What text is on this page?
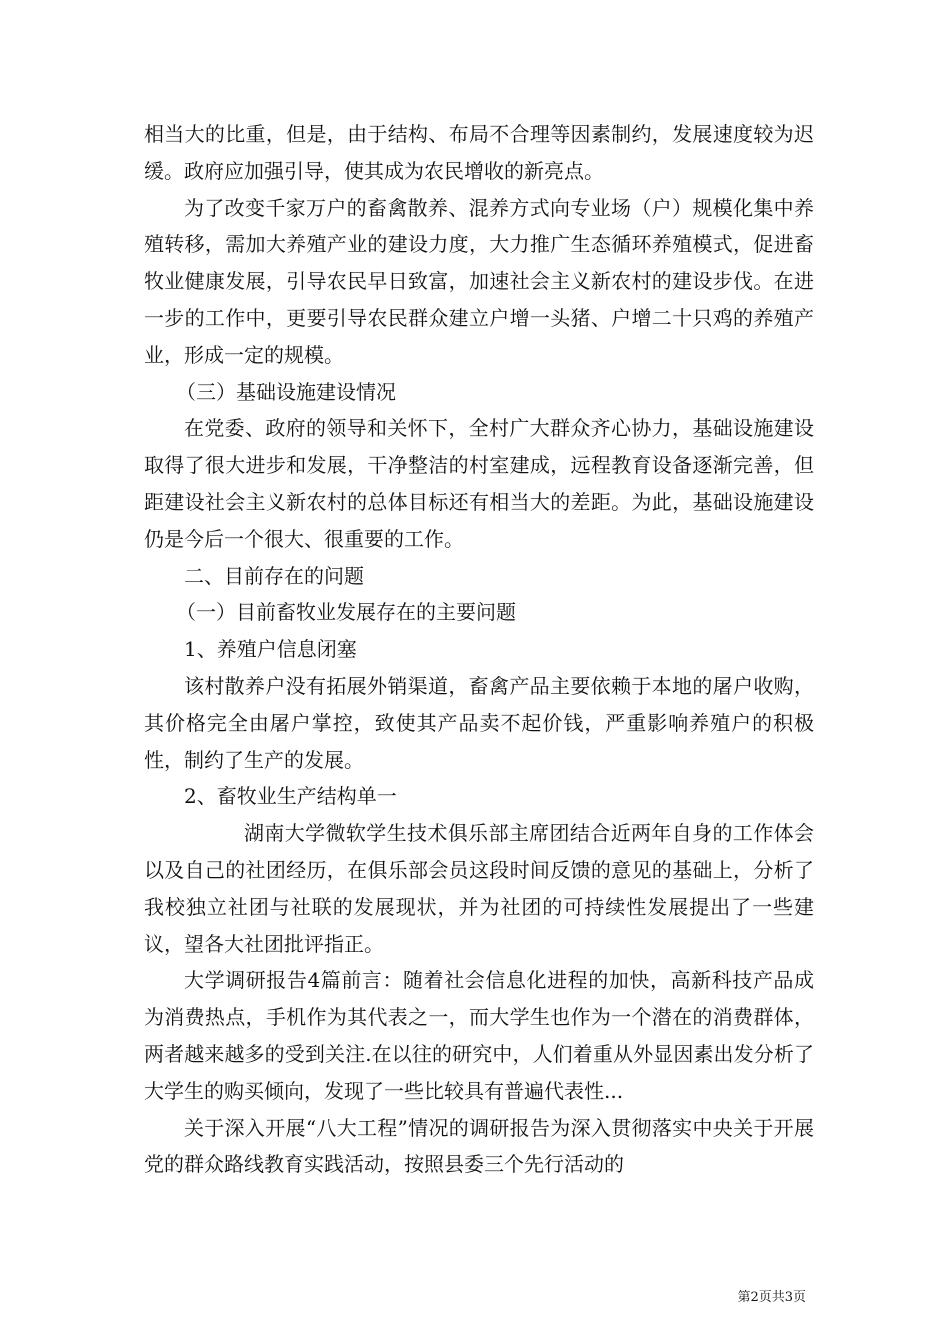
相当大的比重，但是，由于结构、布局不合理等因素制约，发展速度较为迟缓。政府应加强引导，使其成为农民增收的新亮点。

为了改变千家万户的畜禽散养、混养方式向专业场（户）规模化集中养殖转移，需加大养殖产业的建设力度，大力推广生态循环养殖模式，促进畜牧业健康发展，引导农民早日致富，加速社会主义新农村的建设步伐。在进一步的工作中，更要引导农民群众建立户增一头猪、户增二十只鸡的养殖产业，形成一定的规模。

（三）基础设施建设情况

在党委、政府的领导和关怀下，全村广大群众齐心协力，基础设施建设取得了很大进步和发展，干净整洁的村室建成，远程教育设备逐渐完善，但距建设社会主义新农村的总体目标还有相当大的差距。为此，基础设施建设仍是今后一个很大、很重要的工作。

二、目前存在的问题

（一）目前畜牧业发展存在的主要问题

1、养殖户信息闭塞

该村散养户没有拓展外销渠道，畜禽产品主要依赖于本地的屠户收购，其价格完全由屠户掌控，致使其产品卖不起价钱，严重影响养殖户的积极性，制约了生产的发展。

2、畜牧业生产结构单一

湖南大学微软学生技术俱乐部主席团结合近两年自身的工作体会以及自己的社团经历，在俱乐部会员这段时间反馈的意见的基础上，分析了我校独立社团与社联的发展现状，并为社团的可持续性发展提出了一些建议，望各大社团批评指正。

大学调研报告4篇前言：随着社会信息化进程的加快，高新科技产品成为消费热点，手机作为其代表之一，而大学生也作为一个潜在的消费群体，两者越来越多的受到关注.在以往的研究中，人们着重从外显因素出发分析了大学生的购买倾向，发现了一些比较具有普遍代表性...

关于深入开展“八大工程”情况的调研报告为深入贯彻落实中央关于开展党的群众路线教育实践活动，按照县委三个先行活动的

第2页共3页
